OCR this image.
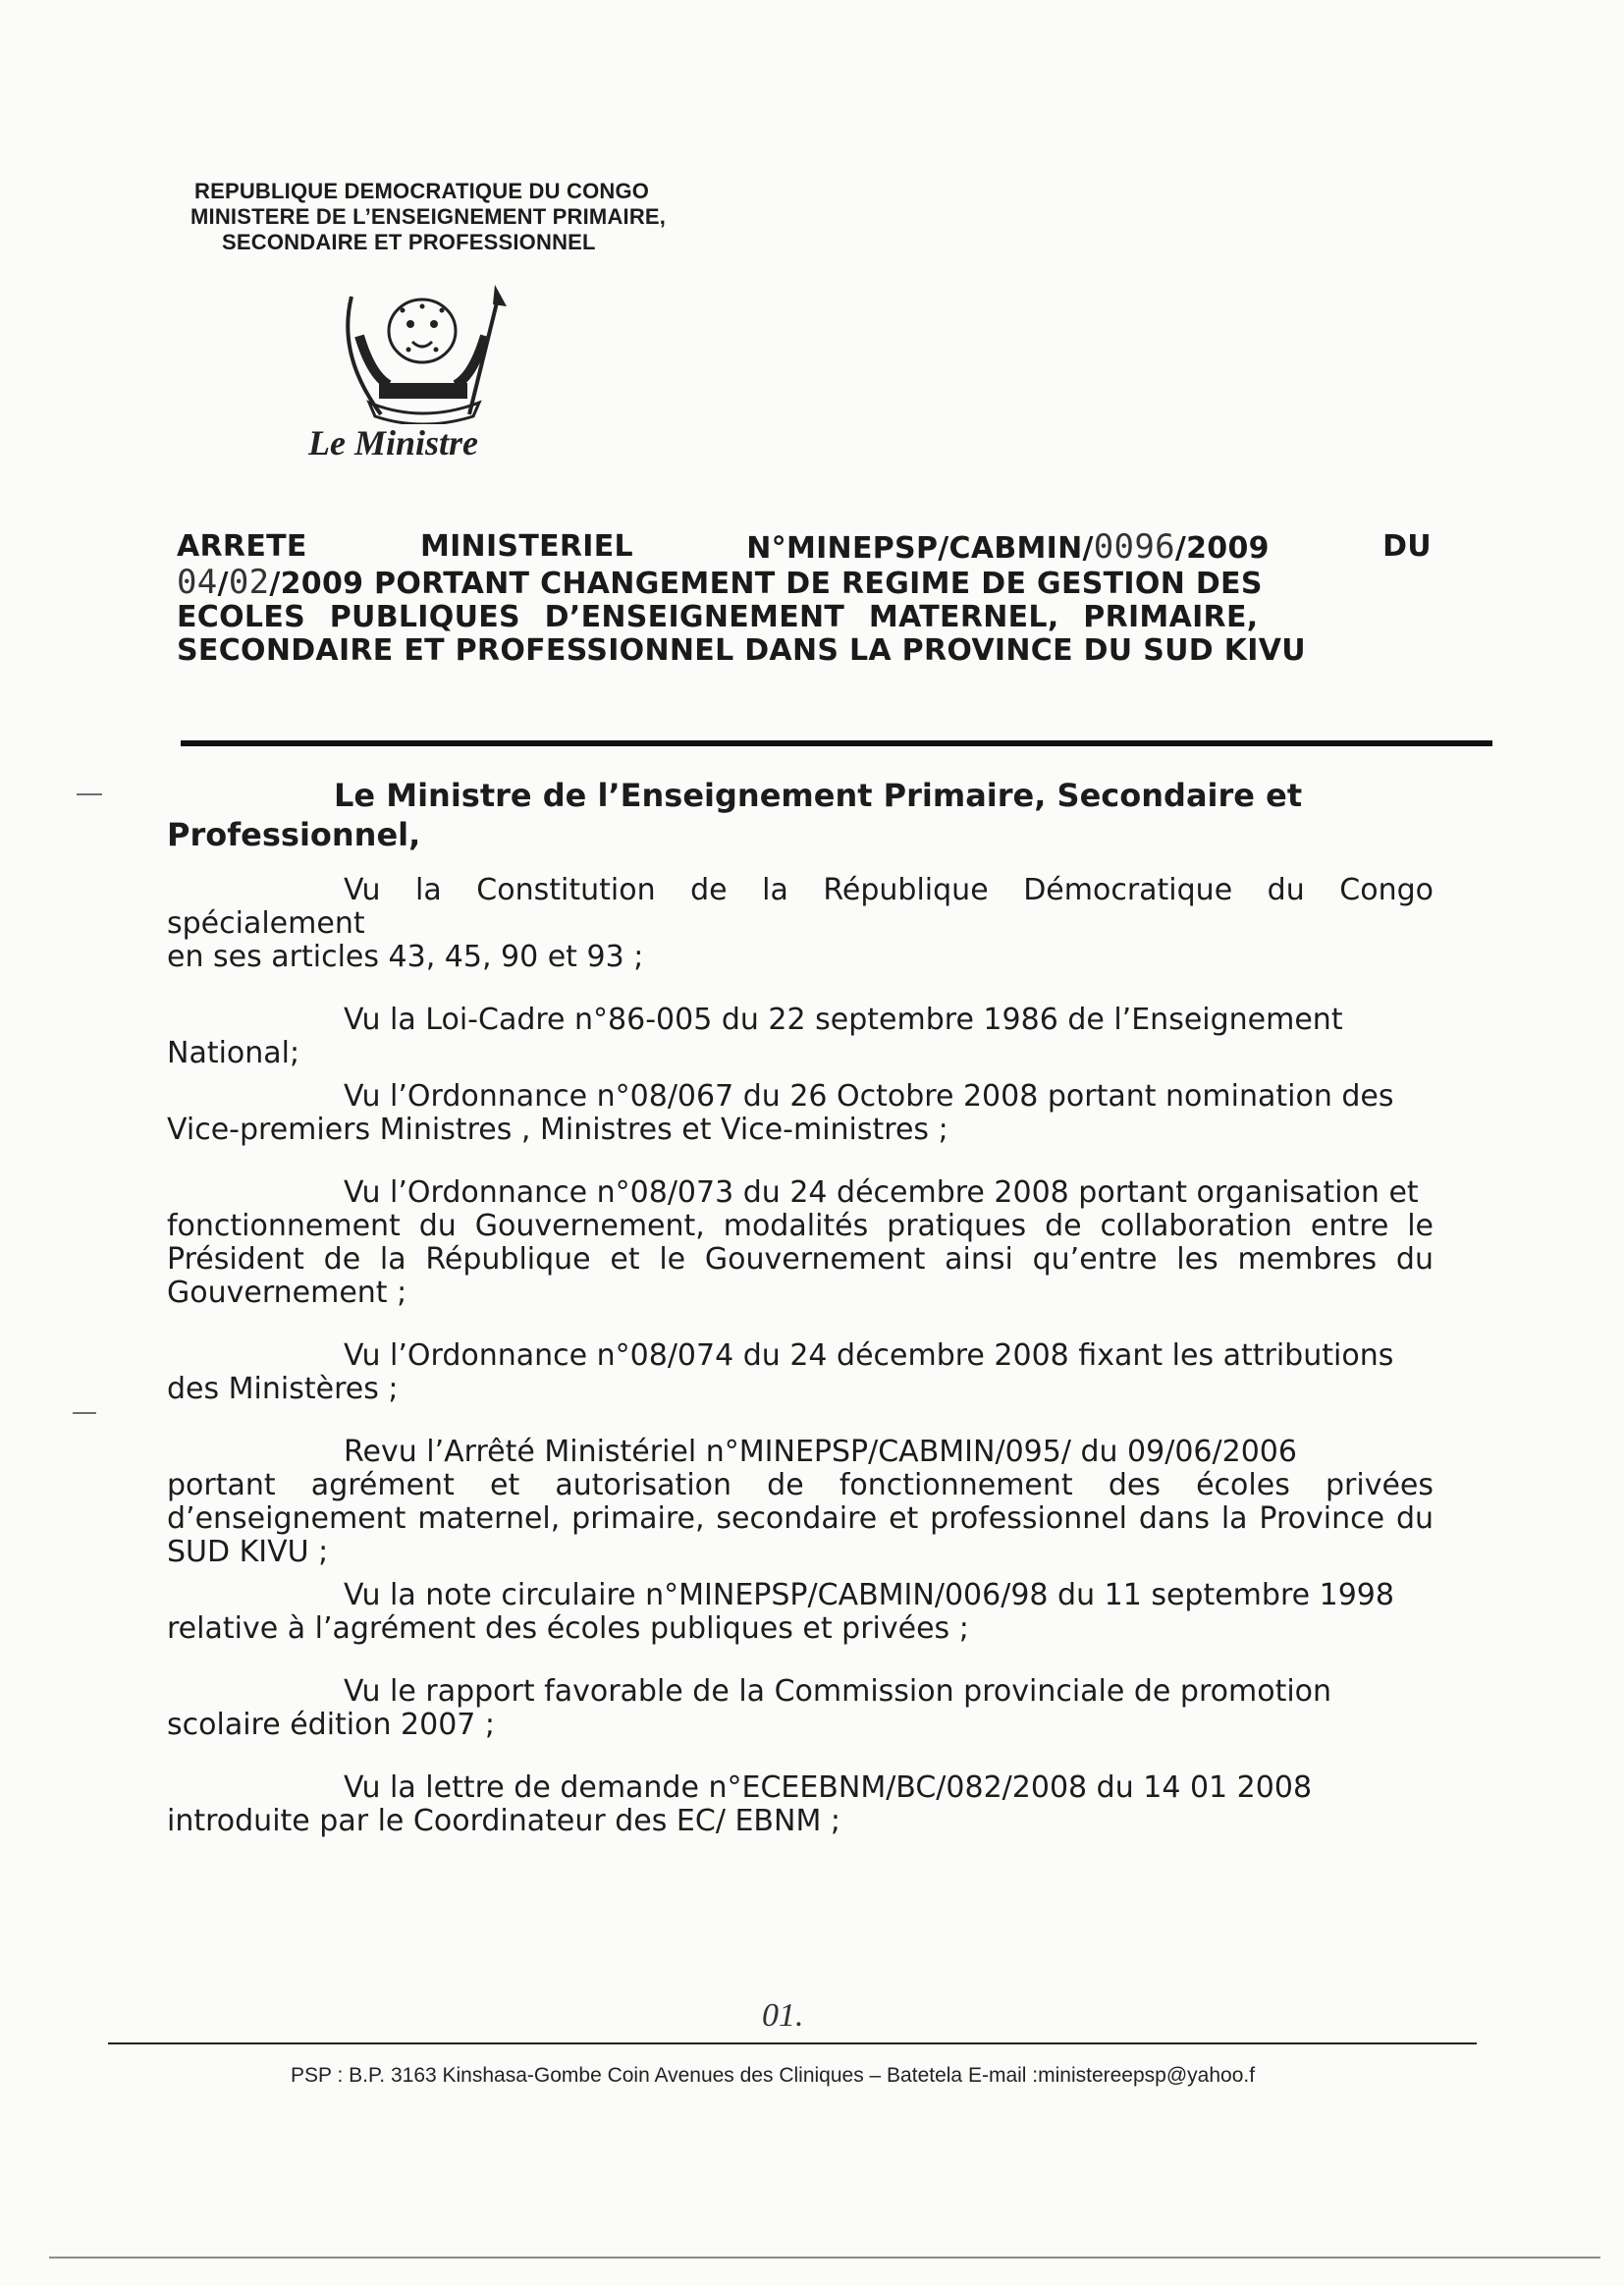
REPUBLIQUE DEMOCRATIQUE DU CONGO
MINISTERE DE L’ENSEIGNEMENT PRIMAIRE,
SECONDAIRE ET PROFESSIONNEL
Le Ministre
ARRETE	MINISTERIEL	N°MINEPSP/CABMIN/0096/2009	DU
04/02/2009 PORTANT CHANGEMENT DE REGIME DE GESTION DES
ECOLES PUBLIQUES D’ENSEIGNEMENT MATERNEL, PRIMAIRE,
SECONDAIRE ET PROFESSIONNEL DANS LA PROVINCE DU SUD KIVU
Le Ministre de l’Enseignement Primaire, Secondaire et
Professionnel,
Vu la Constitution de la République Démocratique du Congo spécialement
en ses articles 43, 45, 90 et 93 ;
Vu la Loi-Cadre n°86-005 du 22 septembre 1986 de l’Enseignement
National;
Vu l’Ordonnance n°08/067 du 26 Octobre 2008 portant nomination des
Vice-premiers Ministres , Ministres et Vice-ministres ;
Vu l’Ordonnance n°08/073 du 24 décembre 2008 portant organisation et
fonctionnement du Gouvernement, modalités pratiques de collaboration entre le Président de la République et le Gouvernement ainsi qu’entre les membres du Gouvernement ;
Vu l’Ordonnance n°08/074 du 24 décembre 2008 fixant les attributions
des Ministères ;
Revu l’Arrêté Ministériel n°MINEPSP/CABMIN/095/ du 09/06/2006
portant agrément et autorisation de fonctionnement des écoles privées d’enseignement maternel, primaire, secondaire et professionnel dans la Province du SUD KIVU ;
Vu la note circulaire n°MINEPSP/CABMIN/006/98 du 11 septembre 1998
relative à l’agrément des écoles publiques et privées ;
Vu le rapport favorable de la Commission provinciale de promotion
scolaire édition 2007 ;
Vu la lettre de demande n°ECEEBNM/BC/082/2008 du 14 01 2008
introduite par le Coordinateur des EC/ EBNM ;
01.
PSP : B.P. 3163 Kinshasa-Gombe Coin Avenues des Cliniques – Batetela E-mail :ministereepsp@yahoo.f
